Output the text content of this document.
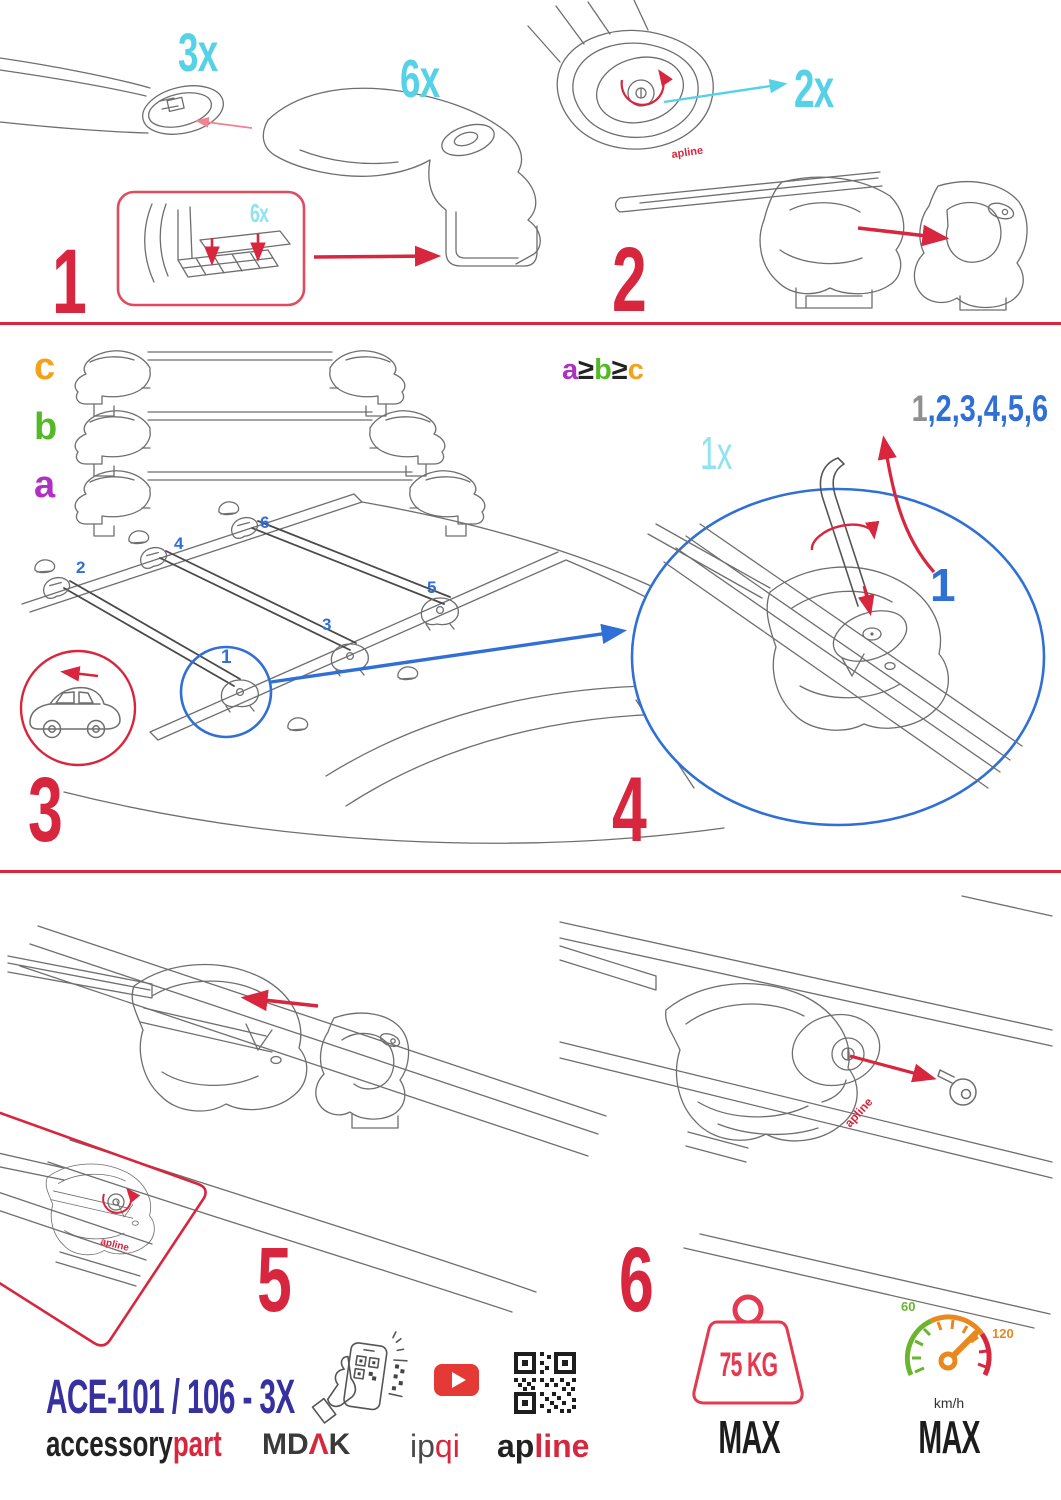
apline
apline
apline
3x	6x
6x
1
2x
2
c
b
a
2
4
6
3
5
1
3
a≥b≥c
1,2,3,4,5,6
1x
1
4
5	6
ACE-101 / 106 - 3X
accessorypart MDΛK ipqi apline
75 KG
MAX
60
120
km/h
MAX
